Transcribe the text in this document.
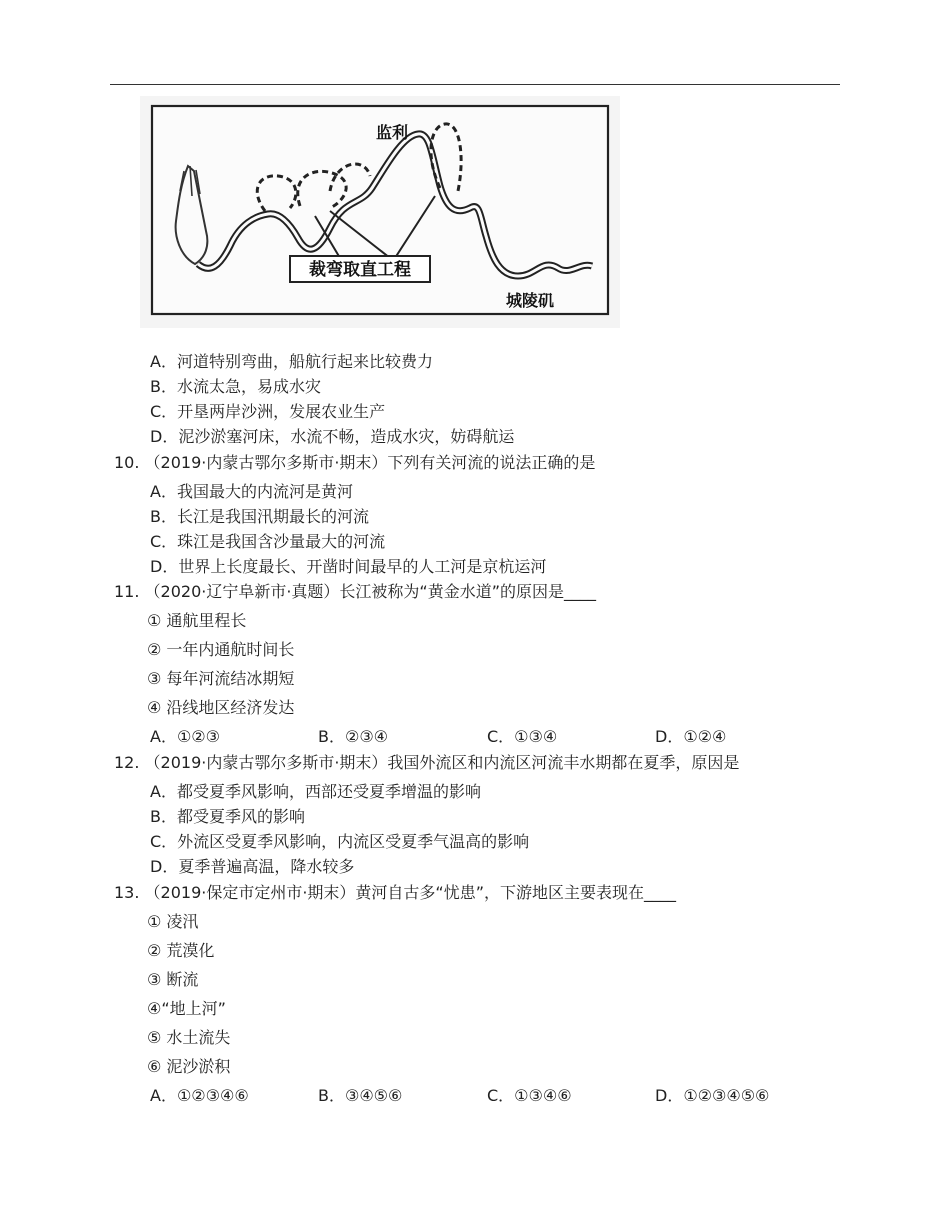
裁弯取直工程
监利
城陵矶
A．河道特别弯曲，船航行起来比较费力
B．水流太急，易成水灾
C．开垦两岸沙洲，发展农业生产
D．泥沙淤塞河床，水流不畅，造成水灾，妨碍航运
10. （2019·内蒙古鄂尔多斯市·期末）下列有关河流的说法正确的是
A．我国最大的内流河是黄河
B．长江是我国汛期最长的河流
C．珠江是我国含沙量最大的河流
D．世界上长度最长、开凿时间最早的人工河是京杭运河
11. （2020·辽宁阜新市·真题）长江被称为“黄金水道”的原因是____
① 通航里程长
② 一年内通航时间长
③ 每年河流结冰期短
④ 沿线地区经济发达
A．①②③	B．②③④	C．①③④	D．①②④
12. （2019·内蒙古鄂尔多斯市·期末）我国外流区和内流区河流丰水期都在夏季，原因是
A．都受夏季风影响，西部还受夏季增温的影响
B．都受夏季风的影响
C．外流区受夏季风影响，内流区受夏季气温高的影响
D．夏季普遍高温，降水较多
13. （2019·保定市定州市·期末）黄河自古多“忧患”，下游地区主要表现在____
① 凌汛
② 荒漠化
③ 断流
④“地上河”
⑤ 水土流失
⑥ 泥沙淤积
A．①②③④⑥	B．③④⑤⑥	C．①③④⑥	D．①②③④⑤⑥
